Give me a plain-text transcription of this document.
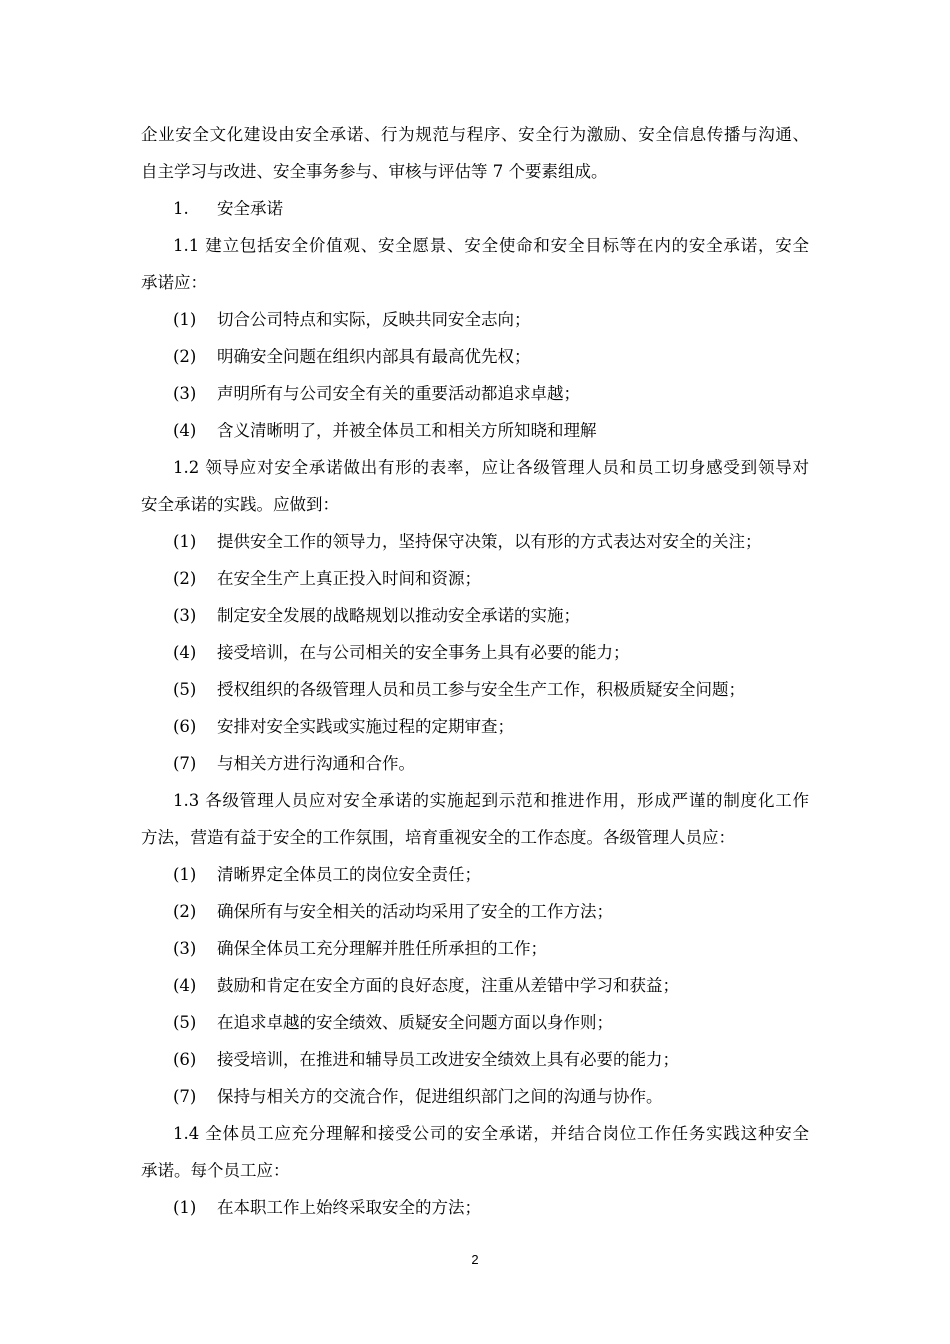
企业安全文化建设由安全承诺、行为规范与程序、安全行为激励、安全信息传播与沟通、
自主学习与改进、安全事务参与、审核与评估等 7 个要素组成。
1. 安全承诺
1.1 建立包括安全价值观、安全愿景、安全使命和安全目标等在内的安全承诺，安全
承诺应：
(1) 切合公司特点和实际，反映共同安全志向；
(2) 明确安全问题在组织内部具有最高优先权；
(3) 声明所有与公司安全有关的重要活动都追求卓越；
(4) 含义清晰明了，并被全体员工和相关方所知晓和理解
1.2 领导应对安全承诺做出有形的表率，应让各级管理人员和员工切身感受到领导对
安全承诺的实践。应做到：
(1) 提供安全工作的领导力，坚持保守决策，以有形的方式表达对安全的关注；
(2) 在安全生产上真正投入时间和资源；
(3) 制定安全发展的战略规划以推动安全承诺的实施；
(4) 接受培训，在与公司相关的安全事务上具有必要的能力；
(5) 授权组织的各级管理人员和员工参与安全生产工作，积极质疑安全问题；
(6) 安排对安全实践或实施过程的定期审查；
(7) 与相关方进行沟通和合作。
1.3 各级管理人员应对安全承诺的实施起到示范和推进作用，形成严谨的制度化工作
方法，营造有益于安全的工作氛围，培育重视安全的工作态度。各级管理人员应：
(1) 清晰界定全体员工的岗位安全责任；
(2) 确保所有与安全相关的活动均采用了安全的工作方法；
(3) 确保全体员工充分理解并胜任所承担的工作；
(4) 鼓励和肯定在安全方面的良好态度，注重从差错中学习和获益；
(5) 在追求卓越的安全绩效、质疑安全问题方面以身作则；
(6) 接受培训，在推进和辅导员工改进安全绩效上具有必要的能力；
(7) 保持与相关方的交流合作，促进组织部门之间的沟通与协作。
1.4 全体员工应充分理解和接受公司的安全承诺，并结合岗位工作任务实践这种安全
承诺。每个员工应：
(1) 在本职工作上始终采取安全的方法；
2
